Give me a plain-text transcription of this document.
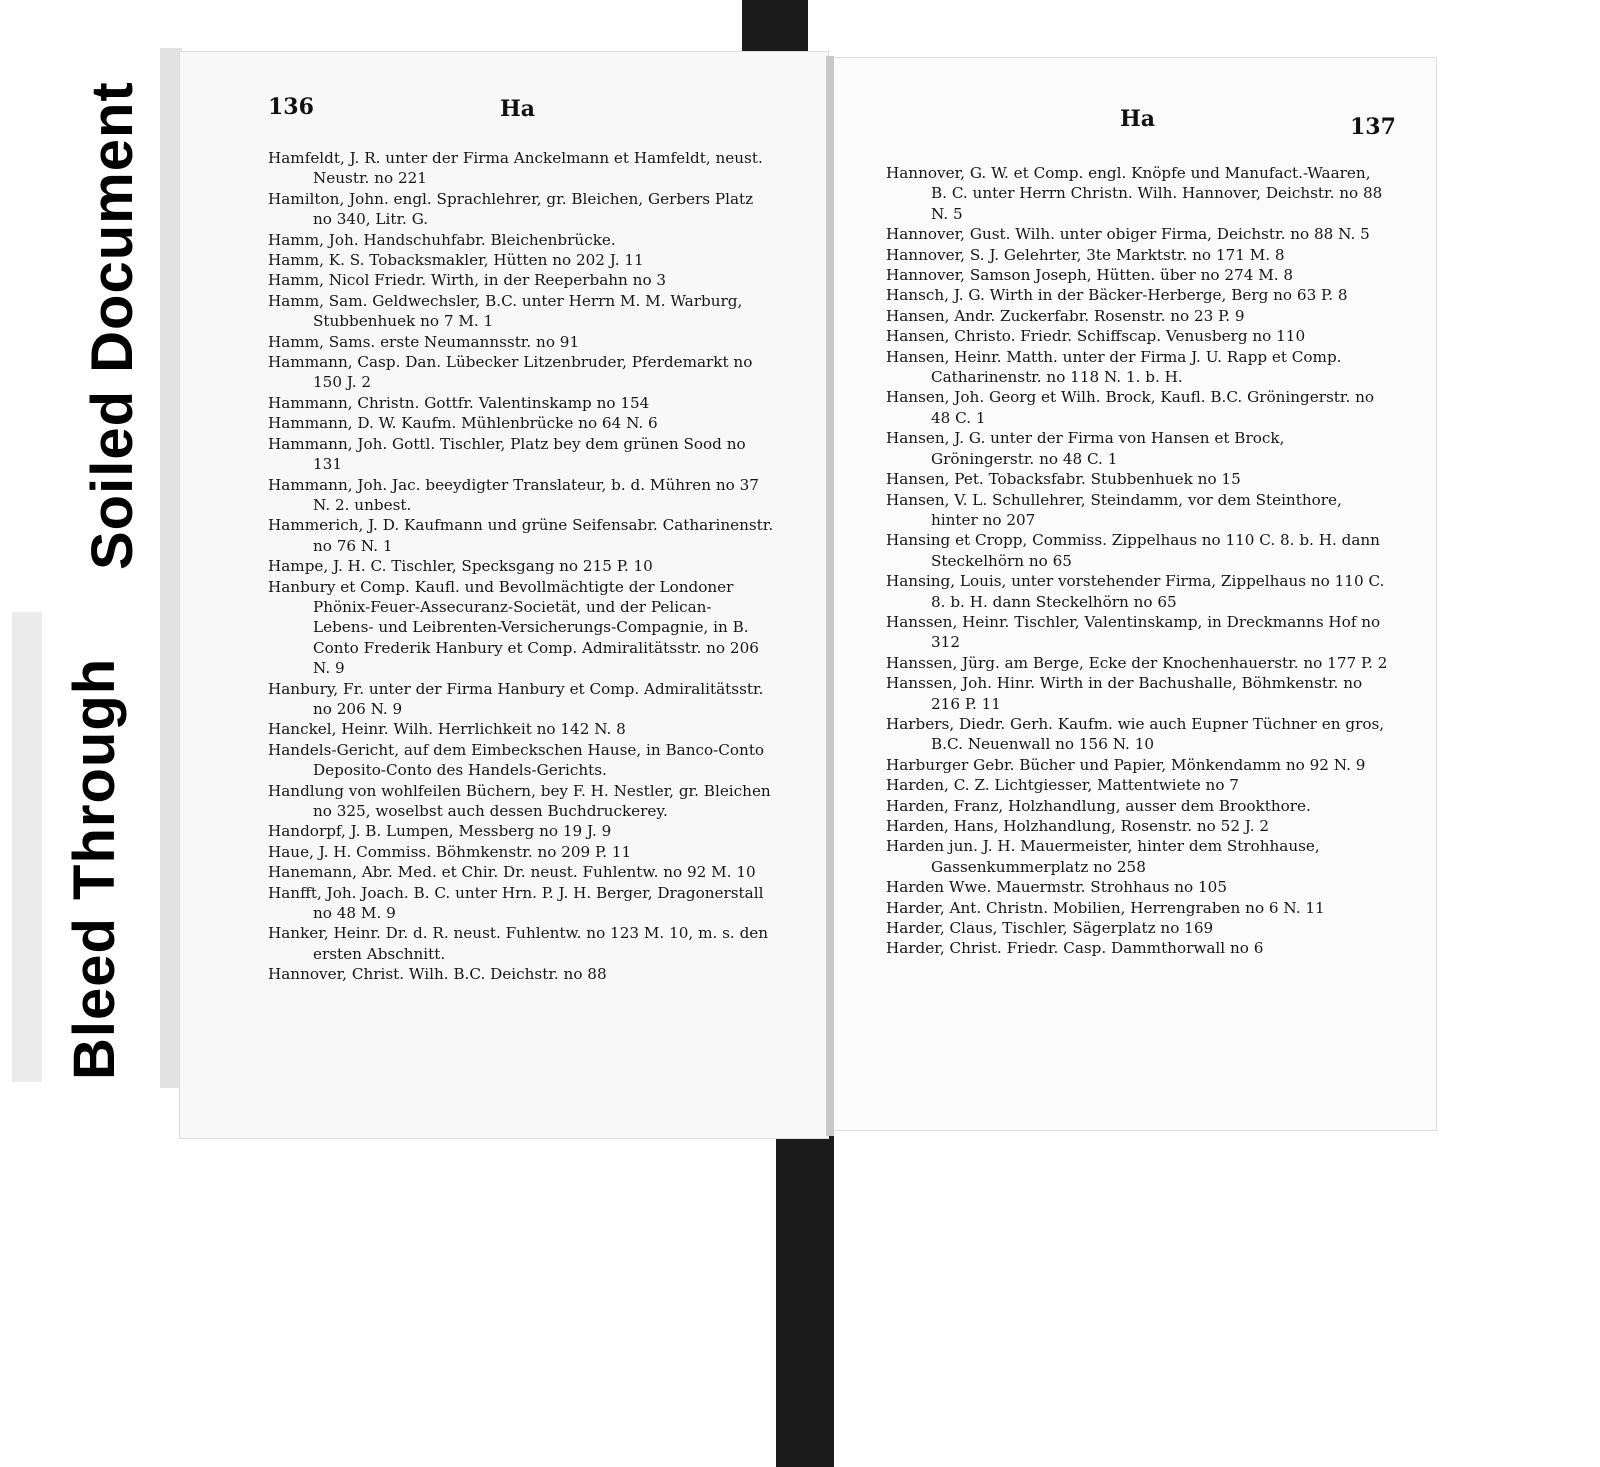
Soiled Document
Bleed Through
136	Ha	Ha	137
Hamfeldt, J. R. unter der Firma Anckelmann et Hamfeldt, neust. Neustr. no 221
Hamilton, John. engl. Sprachlehrer, gr. Bleichen, Gerbers Platz no 340, Litr. G.
Hamm, Joh. Handschuhfabr. Bleichenbrücke.
Hamm, K. S. Tobacksmakler, Hütten no 202 J. 11
Hamm, Nicol Friedr. Wirth, in der Reeperbahn no 3
Hamm, Sam. Geldwechsler, B.C. unter Herrn M. M. Warburg, Stubbenhuek no 7 M. 1
Hamm, Sams. erste Neumannsstr. no 91
Hammann, Casp. Dan. Lübecker Litzenbruder, Pferdemarkt no 150 J. 2
Hammann, Christn. Gottfr. Valentinskamp no 154
Hammann, D. W. Kaufm. Mühlenbrücke no 64 N. 6
Hammann, Joh. Gottl. Tischler, Platz bey dem grünen Sood no 131
Hammann, Joh. Jac. beeydigter Translateur, b. d. Mühren no 37 N. 2. unbest.
Hammerich, J. D. Kaufmann und grüne Seifensabr. Catharinenstr. no 76 N. 1
Hampe, J. H. C. Tischler, Specksgang no 215 P. 10
Hanbury et Comp. Kaufl. und Bevollmächtigte der Londoner Phönix-Feuer-Assecuranz-Societät, und der Pelican- Lebens- und Leibrenten-Versicherungs-Compagnie, in B. Conto Frederik Hanbury et Comp. Admiralitätsstr. no 206 N. 9
Hanbury, Fr. unter der Firma Hanbury et Comp. Admiralitätsstr. no 206 N. 9
Hanckel, Heinr. Wilh. Herrlichkeit no 142 N. 8
Handels-Gericht, auf dem Eimbeckschen Hause, in Banco-Conto Deposito-Conto des Handels-Gerichts.
Handlung von wohlfeilen Büchern, bey F. H. Nestler, gr. Bleichen no 325, woselbst auch dessen Buchdruckerey.
Handorpf, J. B. Lumpen, Messberg no 19 J. 9
Haue, J. H. Commiss. Böhmkenstr. no 209 P. 11
Hanemann, Abr. Med. et Chir. Dr. neust. Fuhlentw. no 92 M. 10
Hanfft, Joh. Joach. B. C. unter Hrn. P. J. H. Berger, Dragonerstall no 48 M. 9
Hanker, Heinr. Dr. d. R. neust. Fuhlentw. no 123 M. 10, m. s. den ersten Abschnitt.
Hannover, Christ. Wilh. B.C. Deichstr. no 88
Hannover, G. W. et Comp. engl. Knöpfe und Manufact.-Waaren, B. C. unter Herrn Christn. Wilh. Hannover, Deichstr. no 88 N. 5
Hannover, Gust. Wilh. unter obiger Firma, Deichstr. no 88 N. 5
Hannover, S. J. Gelehrter, 3te Marktstr. no 171 M. 8
Hannover, Samson Joseph, Hütten. über no 274 M. 8
Hansch, J. G. Wirth in der Bäcker-Herberge, Berg no 63 P. 8
Hansen, Andr. Zuckerfabr. Rosenstr. no 23 P. 9
Hansen, Christo. Friedr. Schiffscap. Venusberg no 110
Hansen, Heinr. Matth. unter der Firma J. U. Rapp et Comp. Catharinenstr. no 118 N. 1. b. H.
Hansen, Joh. Georg et Wilh. Brock, Kaufl. B.C. Gröningerstr. no 48 C. 1
Hansen, J. G. unter der Firma von Hansen et Brock, Gröningerstr. no 48 C. 1
Hansen, Pet. Tobacksfabr. Stubbenhuek no 15
Hansen, V. L. Schullehrer, Steindamm, vor dem Steinthore, hinter no 207
Hansing et Cropp, Commiss. Zippelhaus no 110 C. 8. b. H. dann Steckelhörn no 65
Hansing, Louis, unter vorstehender Firma, Zippelhaus no 110 C. 8. b. H. dann Steckelhörn no 65
Hanssen, Heinr. Tischler, Valentinskamp, in Dreckmanns Hof no 312
Hanssen, Jürg. am Berge, Ecke der Knochenhauerstr. no 177 P. 2
Hanssen, Joh. Hinr. Wirth in der Bachushalle, Böhmkenstr. no 216 P. 11
Harbers, Diedr. Gerh. Kaufm. wie auch Eupner Tüchner en gros, B.C. Neuenwall no 156 N. 10
Harburger Gebr. Bücher und Papier, Mönkendamm no 92 N. 9
Harden, C. Z. Lichtgiesser, Mattentwiete no 7
Harden, Franz, Holzhandlung, ausser dem Brookthore.
Harden, Hans, Holzhandlung, Rosenstr. no 52 J. 2
Harden jun. J. H. Mauermeister, hinter dem Strohhause, Gassenkummerplatz no 258
Harden Wwe. Mauermstr. Strohhaus no 105
Harder, Ant. Christn. Mobilien, Herrengraben no 6 N. 11
Harder, Claus, Tischler, Sägerplatz no 169
Harder, Christ. Friedr. Casp. Dammthorwall no 6
